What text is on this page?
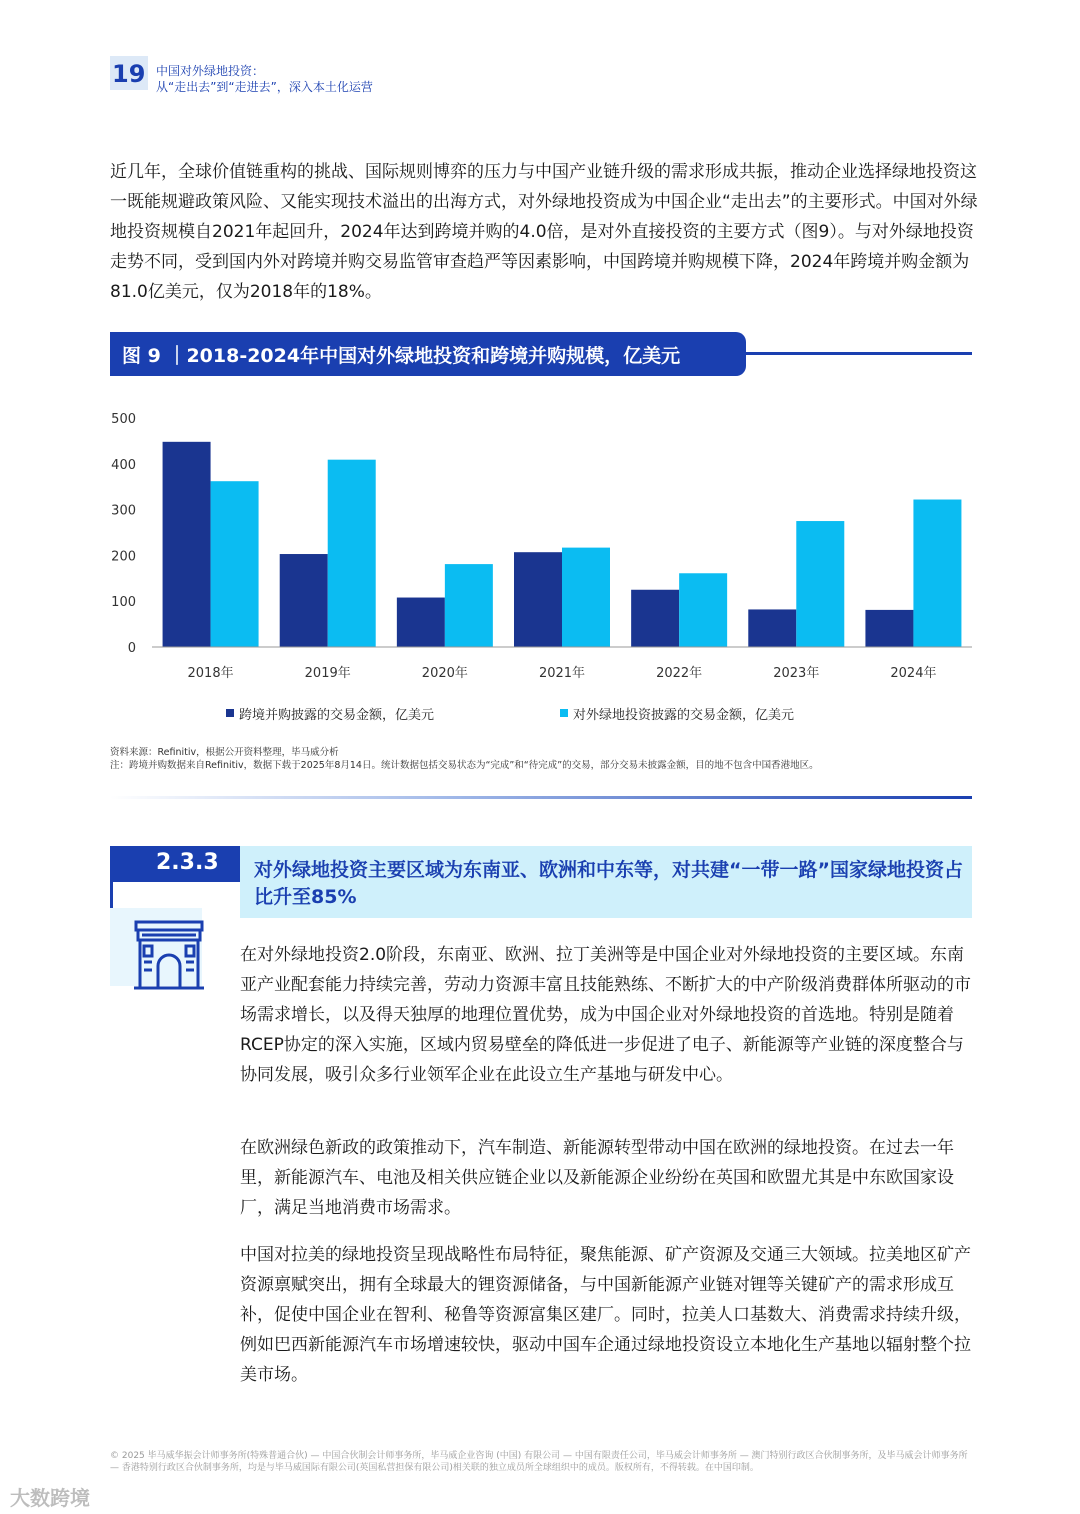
19 中国对外绿地投资：
从“走出去”到“走进去”，深入本土化运营
近几年，全球价值链重构的挑战、国际规则博弈的压力与中国产业链升级的需求形成共振，推动企业选择绿地投资这一既能规避政策风险、又能实现技术溢出的出海方式，对外绿地投资成为中国企业“走出去”的主要形式。中国对外绿地投资规模自2021年起回升，2024年达到跨境并购的4.0倍，是对外直接投资的主要方式（图9）。与对外绿地投资走势不同，受到国内外对跨境并购交易监管审查趋严等因素影响，中国跨境并购规模下降，2024年跨境并购金额为81.0亿美元，仅为2018年的18%。
图 9 ｜2018-2024年中国对外绿地投资和跨境并购规模，亿美元
0
100
200
300
400
500
2018年	2019年	2020年	2021年	2022年	2023年	2024年
跨境并购披露的交易金额，亿美元	对外绿地投资披露的交易金额，亿美元
资料来源：Refinitiv，根据公开资料整理，毕马威分析
注：跨境并购数据来自Refinitiv，数据下载于2025年8月14日。统计数据包括交易状态为“完成”和“待完成”的交易，部分交易未披露金额，目的地不包含中国香港地区。
2.3.3 对外绿地投资主要区域为东南亚、欧洲和中东等，对共建“一带一路”国家绿地投资占比升至85%
在对外绿地投资2.0阶段，东南亚、欧洲、拉丁美洲等是中国企业对外绿地投资的主要区域。东南亚产业配套能力持续完善，劳动力资源丰富且技能熟练、不断扩大的中产阶级消费群体所驱动的市场需求增长，以及得天独厚的地理位置优势，成为中国企业对外绿地投资的首选地。特别是随着RCEP协定的深入实施，区域内贸易壁垒的降低进一步促进了电子、新能源等产业链的深度整合与协同发展，吸引众多行业领军企业在此设立生产基地与研发中心。
在欧洲绿色新政的政策推动下，汽车制造、新能源转型带动中国在欧洲的绿地投资。在过去一年里，新能源汽车、电池及相关供应链企业以及新能源企业纷纷在英国和欧盟尤其是中东欧国家设厂，满足当地消费市场需求。
中国对拉美的绿地投资呈现战略性布局特征，聚焦能源、矿产资源及交通三大领域。拉美地区矿产资源禀赋突出，拥有全球最大的锂资源储备，与中国新能源产业链对锂等关键矿产的需求形成互补，促使中国企业在智利、秘鲁等资源富集区建厂。同时，拉美人口基数大、消费需求持续升级，例如巴西新能源汽车市场增速较快，驱动中国车企通过绿地投资设立本地化生产基地以辐射整个拉美市场。
© 2025 毕马威华振会计师事务所(特殊普通合伙) — 中国合伙制会计师事务所，毕马威企业咨询 (中国) 有限公司 — 中国有限责任公司，毕马威会计师事务所 — 澳门特别行政区合伙制事务所，及毕马威会计师事务所 — 香港特别行政区合伙制事务所，均是与毕马威国际有限公司(英国私营担保有限公司)相关联的独立成员所全球组织中的成员。版权所有，不得转载。在中国印制。
大数跨境
